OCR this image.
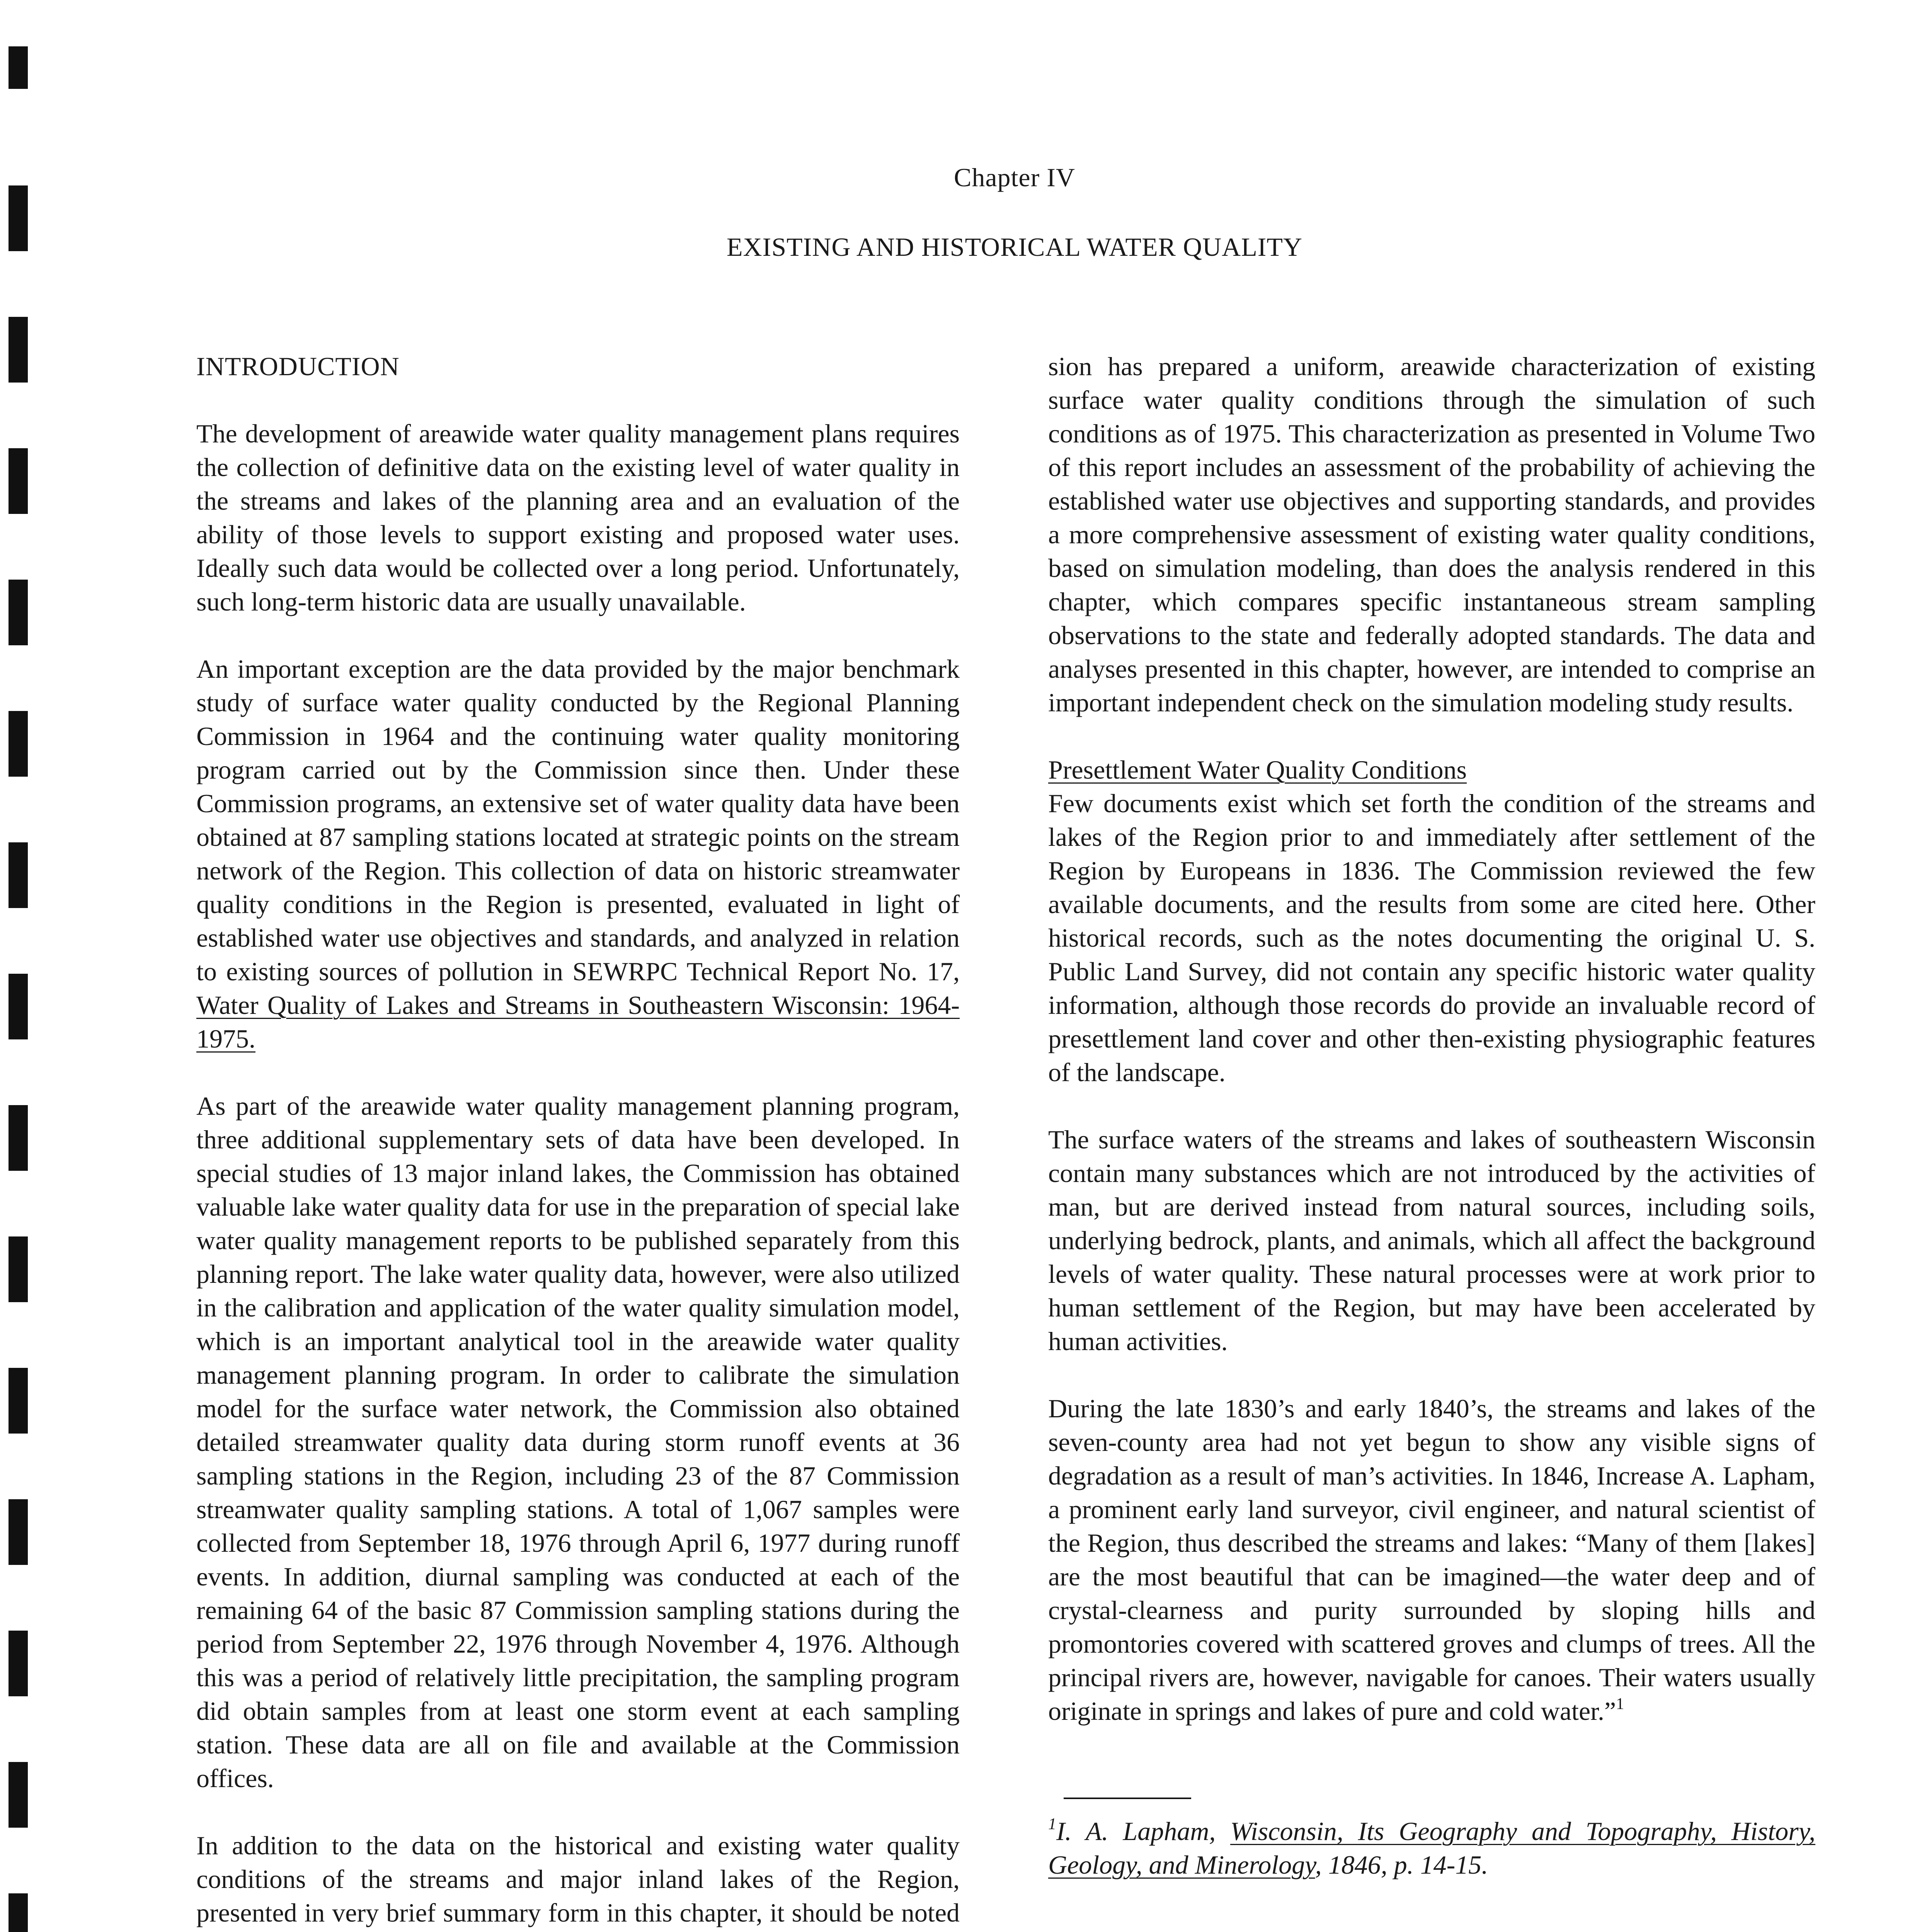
Chapter IV
EXISTING AND HISTORICAL WATER QUALITY
INTRODUCTION

The development of areawide water quality management plans requires the collection of definitive data on the existing level of water quality in the streams and lakes of the planning area and an evaluation of the ability of those levels to support existing and proposed water uses. Ideally such data would be collected over a long period. Unfortunately, such long-term historic data are usually unavailable.

An important exception are the data provided by the major benchmark study of surface water quality conducted by the Regional Planning Commission in 1964 and the continuing water quality monitoring program carried out by the Commission since then. Under these Commission programs, an extensive set of water quality data have been obtained at 87 sampling stations located at strategic points on the stream network of the Region. This collection of data on historic streamwater quality conditions in the Region is presented, evaluated in light of established water use objectives and standards, and analyzed in relation to existing sources of pollution in SEWRPC Technical Report No. 17, Water Quality of Lakes and Streams in Southeastern Wisconsin: 1964-1975.

As part of the areawide water quality management planning program, three additional supplementary sets of data have been developed. In special studies of 13 major inland lakes, the Commission has obtained valuable lake water quality data for use in the preparation of special lake water quality management reports to be published separately from this planning report. The lake water quality data, however, were also utilized in the calibration and application of the water quality simulation model, which is an important analytical tool in the areawide water quality management planning program. In order to calibrate the simulation model for the surface water network, the Commission also obtained detailed streamwater quality data during storm runoff events at 36 sampling stations in the Region, including 23 of the 87 Commission streamwater quality sampling stations. A total of 1,067 samples were collected from September 18, 1976 through April 6, 1977 during runoff events. In addition, diurnal sampling was conducted at each of the remaining 64 of the basic 87 Commission sampling stations during the period from September 22, 1976 through November 4, 1976. Although this was a period of relatively little precipitation, the sampling program did obtain samples from at least one storm event at each sampling station. These data are all on file and available at the Commission offices.

In addition to the data on the historical and existing water quality conditions of the streams and major inland lakes of the Region, presented in very brief summary form in this chapter, it should be noted

sion has prepared a uniform, areawide characterization of existing surface water quality conditions through the simulation of such conditions as of 1975. This characterization as presented in Volume Two of this report includes an assessment of the probability of achieving the established water use objectives and supporting standards, and provides a more comprehensive assessment of existing water quality conditions, based on simulation modeling, than does the analysis rendered in this chapter, which compares specific instantaneous stream sampling observations to the state and federally adopted standards. The data and analyses presented in this chapter, however, are intended to comprise an important independent check on the simulation modeling study results.

Presettlement Water Quality Conditions

Few documents exist which set forth the condition of the streams and lakes of the Region prior to and immediately after settlement of the Region by Europeans in 1836. The Commission reviewed the few available documents, and the results from some are cited here. Other historical records, such as the notes documenting the original U. S. Public Land Survey, did not contain any specific historic water quality information, although those records do provide an invaluable record of presettlement land cover and other then-existing physiographic features of the landscape.

The surface waters of the streams and lakes of southeastern Wisconsin contain many substances which are not introduced by the activities of man, but are derived instead from natural sources, including soils, underlying bedrock, plants, and animals, which all affect the background levels of water quality. These natural processes were at work prior to human settlement of the Region, but may have been accelerated by human activities.

During the late 1830’s and early 1840’s, the streams and lakes of the seven-county area had not yet begun to show any visible signs of degradation as a result of man’s activities. In 1846, Increase A. Lapham, a prominent early land surveyor, civil engineer, and natural scientist of the Region, thus described the streams and lakes: “Many of them [lakes] are the most beautiful that can be imagined—the water deep and of crystal-clearness and purity surrounded by sloping hills and promontories covered with scattered groves and clumps of trees. All the principal rivers are, however, navigable for canoes. Their waters usually originate in springs and lakes of pure and cold water.”$^1$

$^1$I. A. Lapham, Wisconsin, Its Geography and Topography, History, Geology, and Minerology, 1846, p. 14-15.
